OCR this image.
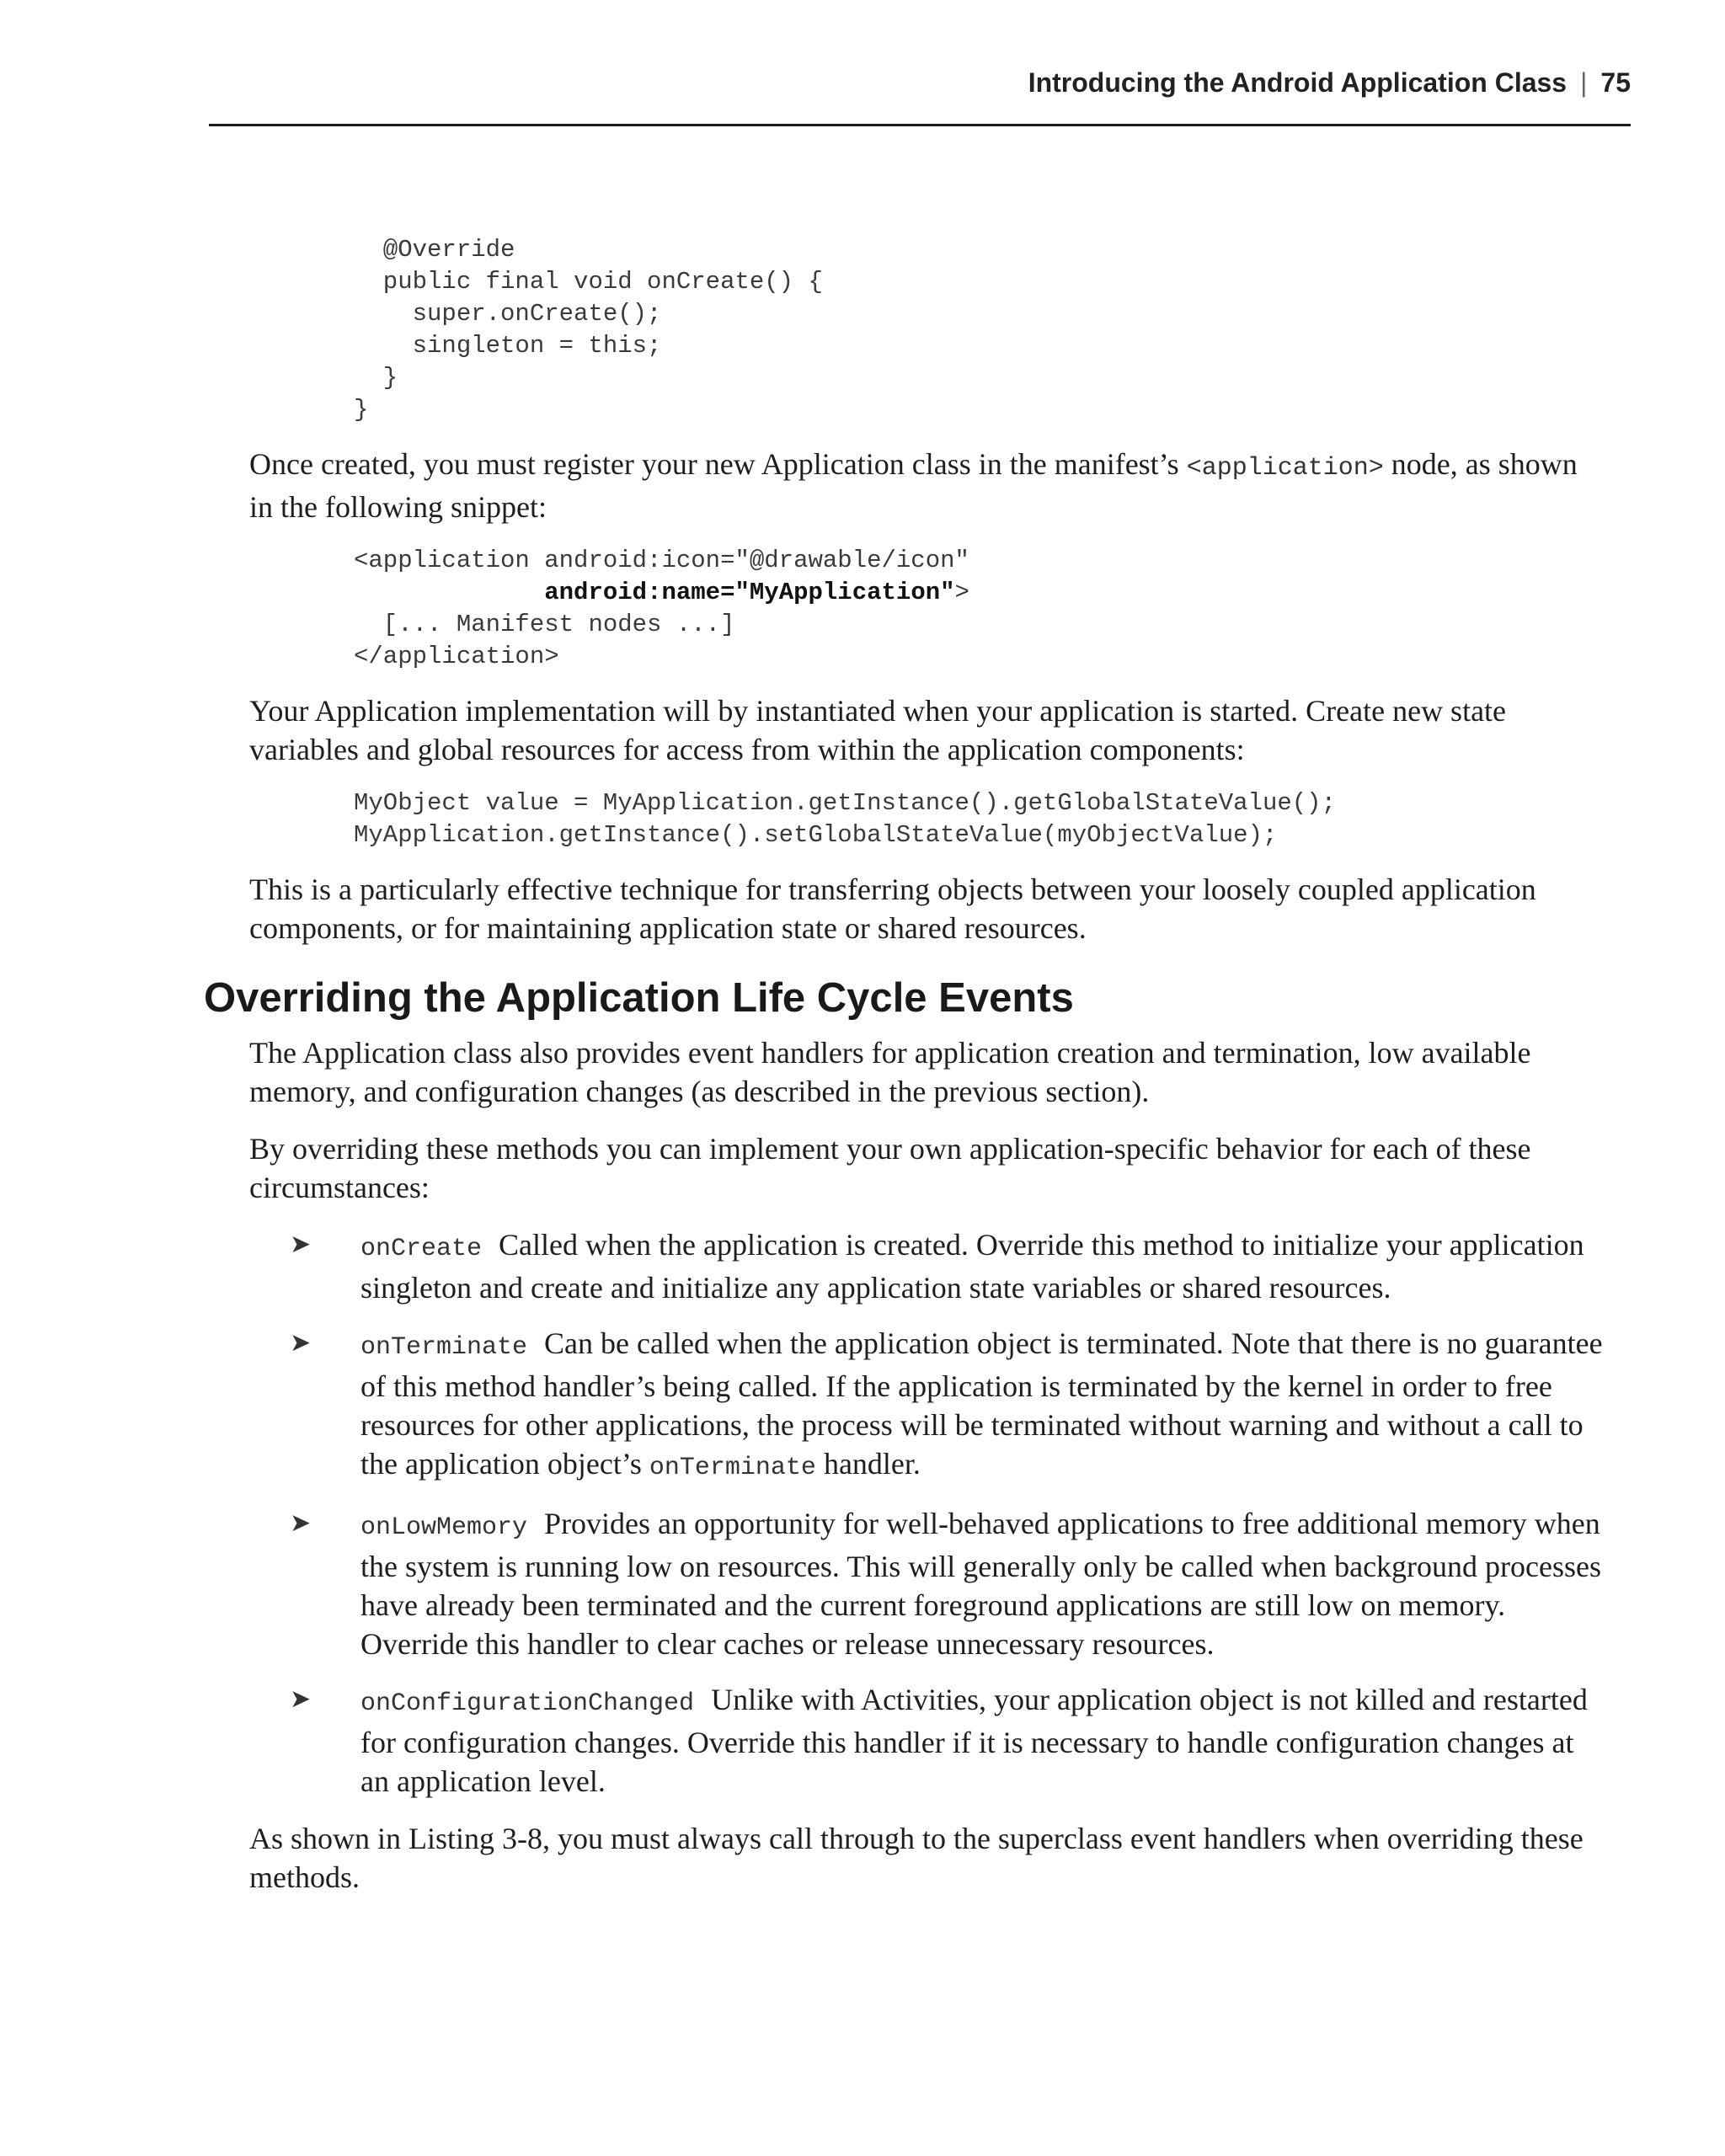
Introducing the Android Application Class | 75
@Override
public final void onCreate() {
super.onCreate();
singleton = this;
}
}

Once created, you must register your new Application class in the manifest’s <application> node, as shown in the following snippet:

<application android:icon="@drawable/icon"
android:name="MyApplication">
[... Manifest nodes ...]
</application>

Your Application implementation will by instantiated when your application is started. Create new state variables and global resources for access from within the application components:

MyObject value = MyApplication.getInstance().getGlobalStateValue();
MyApplication.getInstance().setGlobalStateValue(myObjectValue);

This is a particularly effective technique for transferring objects between your loosely coupled application components, or for maintaining application state or shared resources.

Overriding the Application Life Cycle Events

The Application class also provides event handlers for application creation and termination, low available memory, and configuration changes (as described in the previous section).

By overriding these methods you can implement your own application-specific behavior for each of these circumstances:

➤ onCreate Called when the application is created. Override this method to initialize your application singleton and create and initialize any application state variables or shared resources.
➤ onTerminate Can be called when the application object is terminated. Note that there is no guarantee of this method handler’s being called. If the application is terminated by the kernel in order to free resources for other applications, the process will be terminated without warning and without a call to the application object’s onTerminate handler.
➤ onLowMemory Provides an opportunity for well-behaved applications to free additional memory when the system is running low on resources. This will generally only be called when background processes have already been terminated and the current foreground applications are still low on memory. Override this handler to clear caches or release unnecessary resources.
➤ onConfigurationChanged Unlike with Activities, your application object is not killed and restarted for configuration changes. Override this handler if it is necessary to handle configuration changes at an application level.

As shown in Listing 3-8, you must always call through to the superclass event handlers when overriding these methods.
